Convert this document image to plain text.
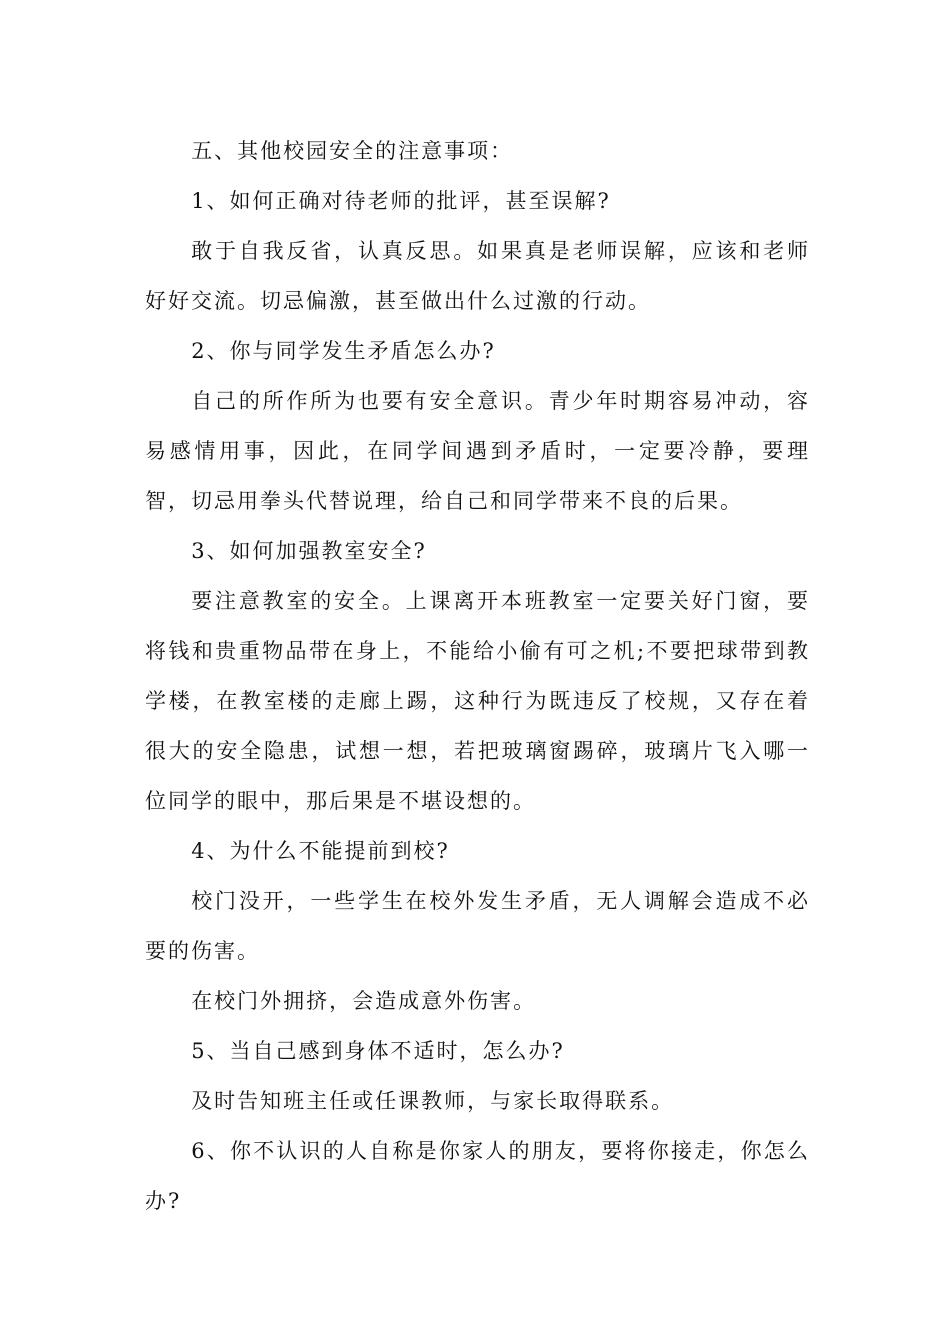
五、其他校园安全的注意事项：

1、如何正确对待老师的批评，甚至误解?

敢于自我反省，认真反思。如果真是老师误解，应该和老师好好交流。切忌偏激，甚至做出什么过激的行动。

2、你与同学发生矛盾怎么办?

自己的所作所为也要有安全意识。青少年时期容易冲动，容易感情用事，因此，在同学间遇到矛盾时，一定要冷静，要理智，切忌用拳头代替说理，给自己和同学带来不良的后果。

3、如何加强教室安全?

要注意教室的安全。上课离开本班教室一定要关好门窗，要将钱和贵重物品带在身上，不能给小偷有可之机;不要把球带到教学楼，在教室楼的走廊上踢，这种行为既违反了校规，又存在着很大的安全隐患，试想一想，若把玻璃窗踢碎，玻璃片飞入哪一位同学的眼中，那后果是不堪设想的。

4、为什么不能提前到校?

校门没开，一些学生在校外发生矛盾，无人调解会造成不必要的伤害。

在校门外拥挤，会造成意外伤害。

5、当自己感到身体不适时，怎么办?

及时告知班主任或任课教师，与家长取得联系。

6、你不认识的人自称是你家人的朋友，要将你接走，你怎么办?
